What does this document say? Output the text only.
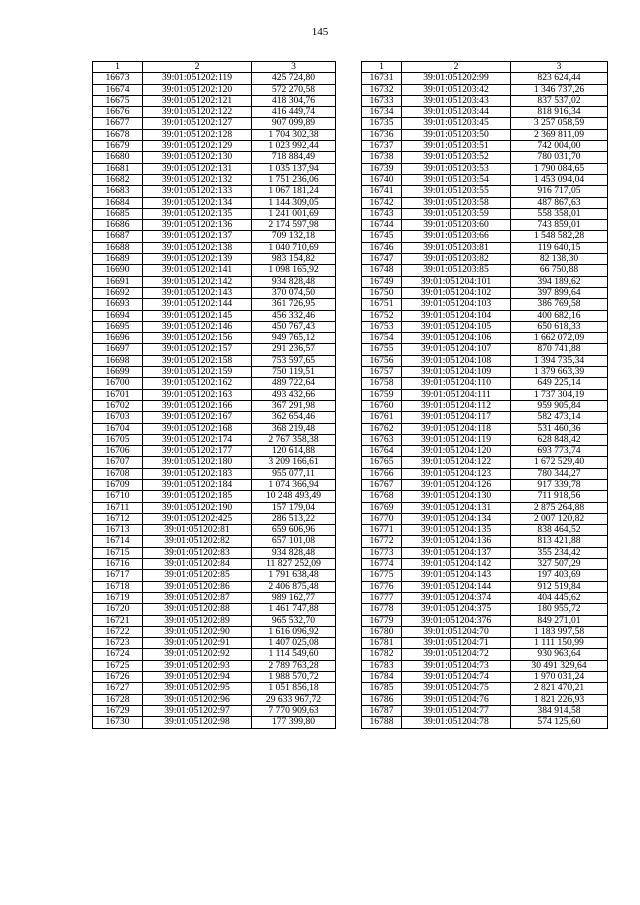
145
1	2	3
16673	39:01:051202:119	425 724,80
16674	39:01:051202:120	572 270,58
16675	39:01:051202:121	418 304,76
16676	39:01:051202:122	416 449,74
16677	39:01:051202:127	907 099,89
16678	39:01:051202:128	1 704 302,38
16679	39:01:051202:129	1 023 992,44
16680	39:01:051202:130	718 884,49
16681	39:01:051202:131	1 035 137,94
16682	39:01:051202:132	1 751 236,06
16683	39:01:051202:133	1 067 181,24
16684	39:01:051202:134	1 144 309,05
16685	39:01:051202:135	1 241 001,69
16686	39:01:051202:136	2 174 597,98
16687	39:01:051202:137	709 132,18
16688	39:01:051202:138	1 040 710,69
16689	39:01:051202:139	983 154,82
16690	39:01:051202:141	1 098 165,92
16691	39:01:051202:142	934 828,48
16692	39:01:051202:143	370 074,50
16693	39:01:051202:144	361 726,95
16694	39:01:051202:145	456 332,46
16695	39:01:051202:146	450 767,43
16696	39:01:051202:156	949 765,12
16697	39:01:051202:157	291 236,57
16698	39:01:051202:158	753 597,65
16699	39:01:051202:159	750 119,51
16700	39:01:051202:162	489 722,64
16701	39:01:051202:163	493 432,66
16702	39:01:051202:166	367 291,98
16703	39:01:051202:167	362 654,46
16704	39:01:051202:168	368 219,48
16705	39:01:051202:174	2 767 358,38
16706	39:01:051202:177	120 614,88
16707	39:01:051202:180	3 209 166,61
16708	39:01:051202:183	955 077,11
16709	39:01:051202:184	1 074 366,94
16710	39:01:051202:185	10 248 493,49
16711	39:01:051202:190	157 179,04
16712	39:01:051202:425	286 513,22
16713	39:01:051202:81	659 606,96
16714	39:01:051202:82	657 101,08
16715	39:01:051202:83	934 828,48
16716	39:01:051202:84	11 827 252,09
16717	39:01:051202:85	1 791 638,48
16718	39:01:051202:86	2 406 875,48
16719	39:01:051202:87	989 162,77
16720	39:01:051202:88	1 461 747,88
16721	39:01:051202:89	965 532,70
16722	39:01:051202:90	1 616 096,92
16723	39:01:051202:91	1 407 025,08
16724	39:01:051202:92	1 114 549,60
16725	39:01:051202:93	2 789 763,28
16726	39:01:051202:94	1 988 570,72
16727	39:01:051202:95	1 051 856,18
16728	39:01:051202:96	29 633 967,72
16729	39:01:051202:97	7 770 909,63
16730	39:01:051202:98	177 399,80
1	2	3
16731	39:01:051202:99	823 624,44
16732	39:01:051203:42	1 346 737,26
16733	39:01:051203:43	837 537,02
16734	39:01:051203:44	818 916,34
16735	39:01:051203:45	3 257 058,59
16736	39:01:051203:50	2 369 811,09
16737	39:01:051203:51	742 004,00
16738	39:01:051203:52	780 031,70
16739	39:01:051203:53	1 790 084,65
16740	39:01:051203:54	1 453 094,04
16741	39:01:051203:55	916 717,05
16742	39:01:051203:58	487 867,63
16743	39:01:051203:59	558 358,01
16744	39:01:051203:60	743 859,01
16745	39:01:051203:66	1 548 582,28
16746	39:01:051203:81	119 640,15
16747	39:01:051203:82	82 138,30
16748	39:01:051203:85	66 750,88
16749	39:01:051204:101	394 189,62
16750	39:01:051204:102	397 899,64
16751	39:01:051204:103	386 769,58
16752	39:01:051204:104	400 682,16
16753	39:01:051204:105	650 618,33
16754	39:01:051204:106	1 662 072,09
16755	39:01:051204:107	870 741,88
16756	39:01:051204:108	1 394 735,34
16757	39:01:051204:109	1 379 663,39
16758	39:01:051204:110	649 225,14
16759	39:01:051204:111	1 737 304,19
16760	39:01:051204:112	959 905,84
16761	39:01:051204:117	582 473,14
16762	39:01:051204:118	531 460,36
16763	39:01:051204:119	628 848,42
16764	39:01:051204:120	693 773,74
16765	39:01:051204:122	1 672 529,40
16766	39:01:051204:123	780 344,27
16767	39:01:051204:126	917 339,78
16768	39:01:051204:130	711 918,56
16769	39:01:051204:131	2 875 264,88
16770	39:01:051204:134	2 007 120,82
16771	39:01:051204:135	838 464,52
16772	39:01:051204:136	813 421,88
16773	39:01:051204:137	355 234,42
16774	39:01:051204:142	327 507,29
16775	39:01:051204:143	197 403,69
16776	39:01:051204:144	912 519,84
16777	39:01:051204:374	404 445,62
16778	39:01:051204:375	180 955,72
16779	39:01:051204:376	849 271,01
16780	39:01:051204:70	1 183 997,58
16781	39:01:051204:71	1 111 150,99
16782	39:01:051204:72	930 963,64
16783	39:01:051204:73	30 491 329,64
16784	39:01:051204:74	1 970 031,24
16785	39:01:051204:75	2 821 470,21
16786	39:01:051204:76	1 821 226,93
16787	39:01:051204:77	384 914,58
16788	39:01:051204:78	574 125,60
